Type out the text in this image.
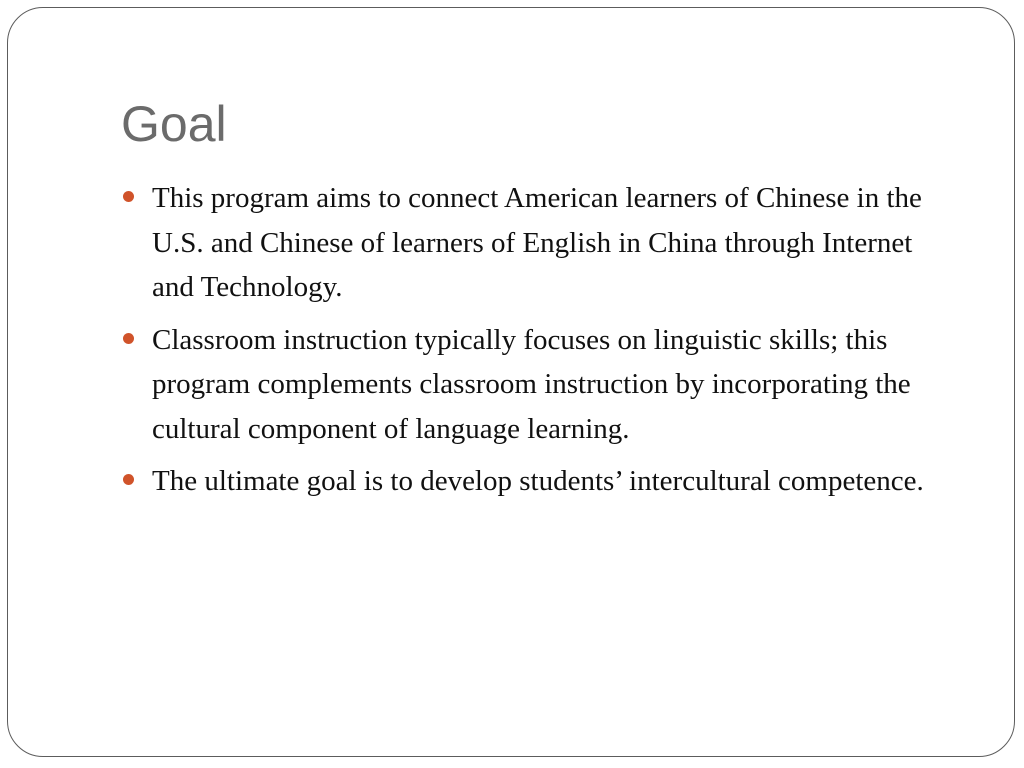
Goal
This program aims to connect American learners of Chinese in the U.S. and Chinese of learners of English in China through Internet and Technology.
Classroom instruction typically focuses on linguistic skills; this program complements classroom instruction by incorporating the cultural component of language learning.
The ultimate goal is to develop students’ intercultural competence.
